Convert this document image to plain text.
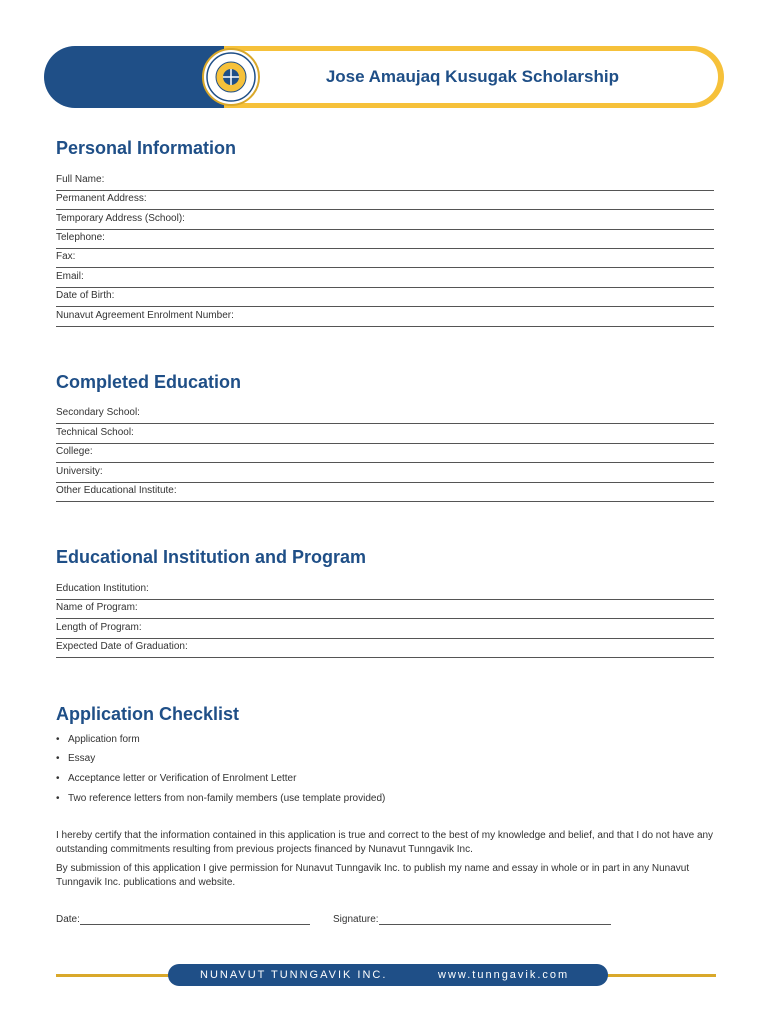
Jose Amaujaq Kusugak Scholarship
Personal Information
Full Name:
Permanent Address:
Temporary Address (School):
Telephone:
Fax:
Email:
Date of Birth:
Nunavut Agreement Enrolment Number:
Completed Education
Secondary School:
Technical School:
College:
University:
Other Educational Institute:
Educational Institution and Program
Education Institution:
Name of Program:
Length of Program:
Expected Date of Graduation:
Application Checklist
• Application form
• Essay
• Acceptance letter or Verification of Enrolment Letter
• Two reference letters from non-family members (use template provided)

I hereby certify that the information contained in this application is true and correct to the best of my knowledge and belief, and that I do not have any outstanding commitments resulting from previous projects financed by Nunavut Tunngavik Inc.

By submission of this application I give permission for Nunavut Tunngavik Inc. to publish my name and essay in whole or in part in any Nunavut Tunngavik Inc. publications and website.

Date:	Signature:
NUNAVUT TUNNGAVIK INC.	www.tunngavik.com
